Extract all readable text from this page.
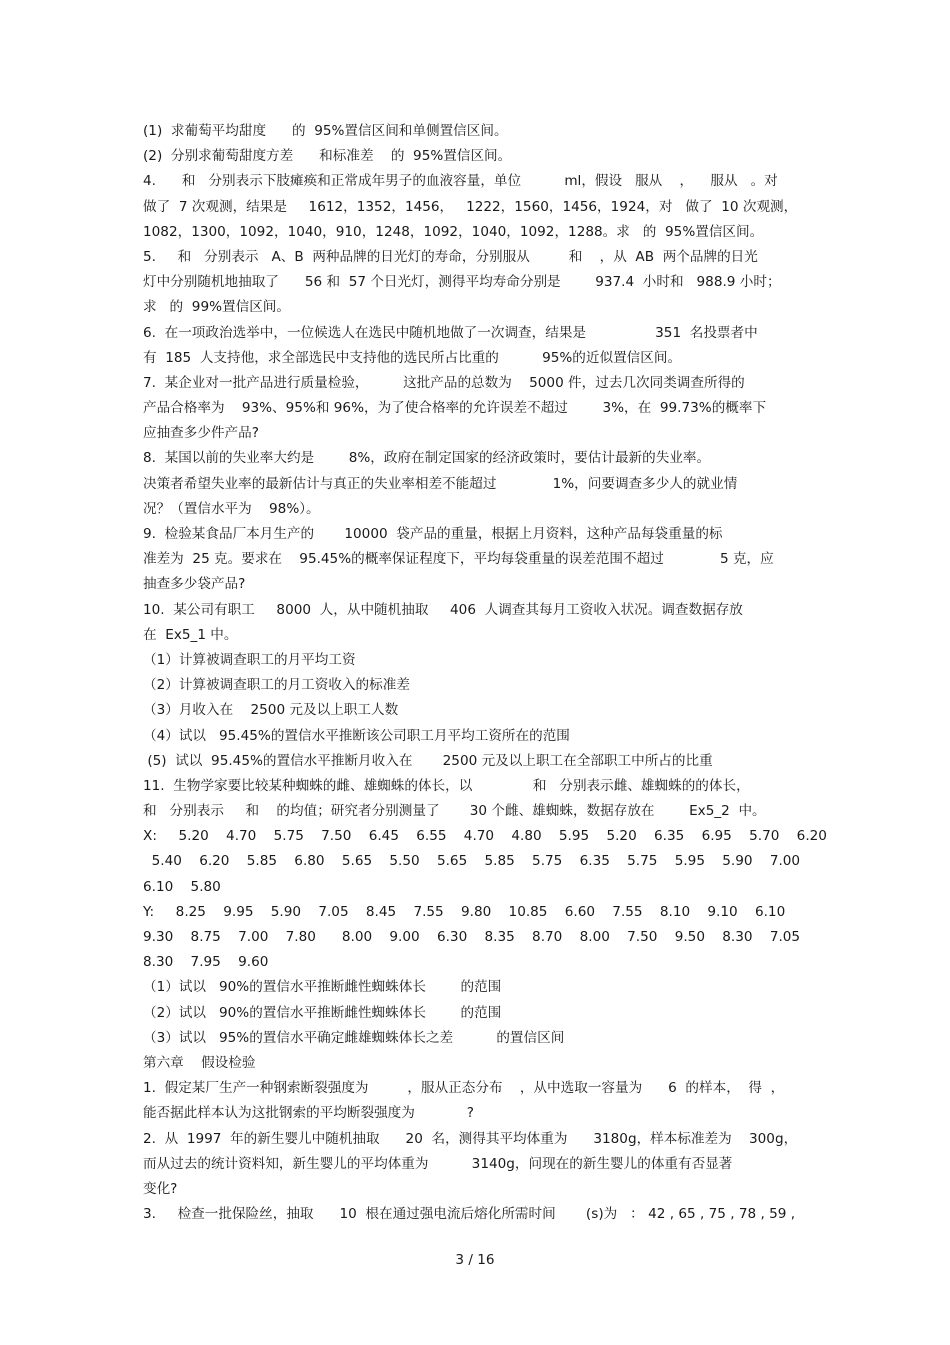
(1)  求葡萄平均甜度      的  95%置信区间和单侧置信区间。
(2)  分别求葡萄甜度方差      和标准差    的  95%置信区间。
4.      和   分别表示下肢瘫痪和正常成年男子的血液容量，单位          ml，假设   服从    ，    服从   。对
做了  7 次观测，结果是     1612，1352，1456，   1222，1560，1456，1924，对   做了  10 次观测，
1082，1300，1092，1040，910，1248，1092，1040，1092，1288。求   的  95%置信区间。
5.     和   分别表示   A、B  两种品牌的日光灯的寿命，分别服从         和    ，从  AB  两个品牌的日光
灯中分别随机地抽取了      56 和  57 个日光灯，测得平均寿命分别是        937.4  小时和   988.9 小时；
求   的  99%置信区间。
6.  在一项政治选举中，一位候选人在选民中随机地做了一次调查，结果是                351  名投票者中
有  185  人支持他，求全部选民中支持他的选民所占比重的          95%的近似置信区间。
7.  某企业对一批产品进行质量检验，        这批产品的总数为    5000 件，过去几次同类调查所得的
产品合格率为    93%、95%和 96%，为了使合格率的允许误差不超过        3%，在  99.73%的概率下
应抽查多少件产品?
8.  某国以前的失业率大约是        8%，政府在制定国家的经济政策时，要估计最新的失业率。
决策者希望失业率的最新估计与真正的失业率相差不能超过             1%，问要调查多少人的就业情
况？（置信水平为    98%）。
9.  检验某食品厂本月生产的       10000  袋产品的重量，根据上月资料，这种产品每袋重量的标
准差为  25 克。要求在    95.45%的概率保证程度下，平均每袋重量的误差范围不超过             5 克，应
抽查多少袋产品?
10.  某公司有职工     8000  人，从中随机抽取     406  人调查其每月工资收入状况。调查数据存放
在  Ex5_1 中。
（1）计算被调查职工的月平均工资
（2）计算被调查职工的月工资收入的标准差
（3）月收入在    2500 元及以上职工人数
（4）试以   95.45%的置信水平推断该公司职工月平均工资所在的范围
(5)  试以  95.45%的置信水平推断月收入在       2500 元及以上职工在全部职工中所占的比重
11.  生物学家要比较某种蜘蛛的雌、雄蜘蛛的体长，以              和   分别表示雌、雄蜘蛛的的体长，
和   分别表示     和    的均值；研究者分别测量了       30 个雌、雄蜘蛛，数据存放在        Ex5_2  中。
X:     5.20    4.70    5.75    7.50    6.45    6.55    4.70    4.80    5.95    5.20    6.35    6.95    5.70    6.20
5.40    6.20    5.85    6.80    5.65    5.50    5.65    5.85    5.75    6.35    5.75    5.95    5.90    7.00
6.10    5.80
Y:     8.25    9.95    5.90    7.05    8.45    7.55    9.80    10.85    6.60    7.55    8.10    9.10    6.10
9.30    8.75    7.00    7.80      8.00    9.00    6.30    8.35    8.70    8.00    7.50    9.50    8.30    7.05
8.30    7.95    9.60
（1）试以   90%的置信水平推断雌性蜘蛛体长        的范围
（2）试以   90%的置信水平推断雌性蜘蛛体长        的范围
（3）试以   95%的置信水平确定雌雄蜘蛛体长之差          的置信区间
第六章    假设检验
1.  假定某厂生产一种钢索断裂强度为         ，服从正态分布    ，从中选取一容量为      6  的样本，  得  ，
能否据此样本认为这批钢索的平均断裂强度为            ?
2.  从  1997  年的新生婴儿中随机抽取      20  名，测得其平均体重为      3180g，样本标准差为    300g，
而从过去的统计资料知，新生婴儿的平均体重为          3140g，问现在的新生婴儿的体重有否显著
变化?
3.     检查一批保险丝，抽取      10  根在通过强电流后熔化所需时间       (s)为   ： 42 , 65 , 75 , 78 , 59 ,
3 / 16
